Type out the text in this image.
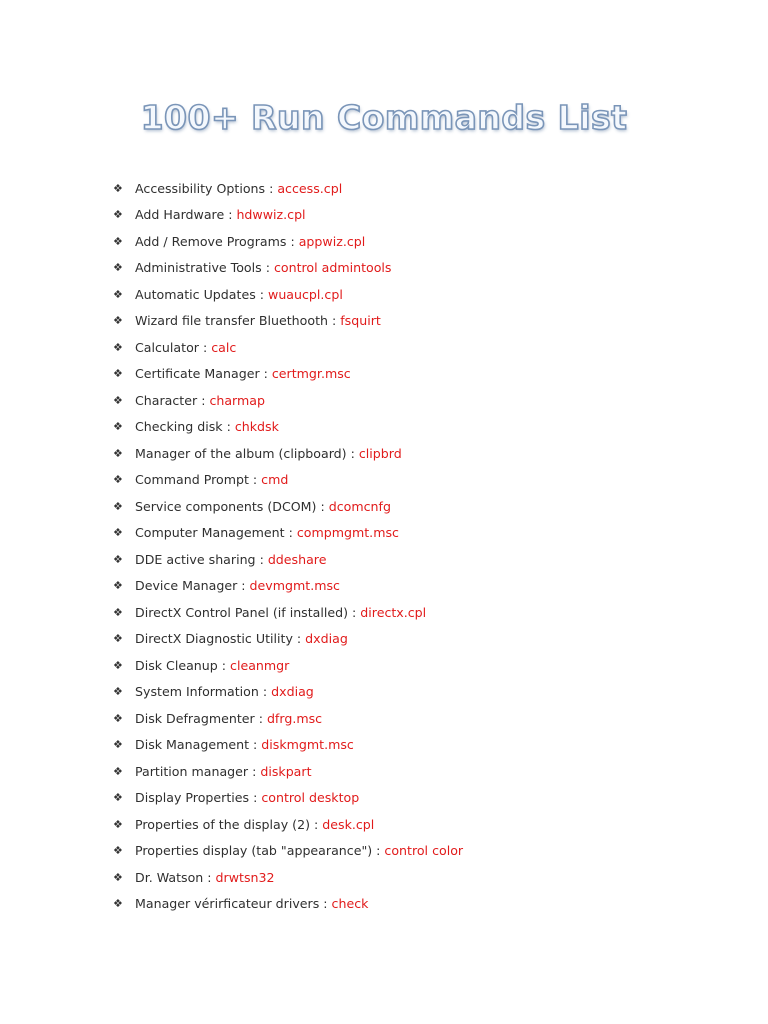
100+ Run Commands List
❖ Accessibility Options : access.cpl
❖ Add Hardware : hdwwiz.cpl
❖ Add / Remove Programs : appwiz.cpl
❖ Administrative Tools : control admintools
❖ Automatic Updates : wuaucpl.cpl
❖ Wizard file transfer Bluethooth : fsquirt
❖ Calculator : calc
❖ Certificate Manager : certmgr.msc
❖ Character : charmap
❖ Checking disk : chkdsk
❖ Manager of the album (clipboard) : clipbrd
❖ Command Prompt : cmd
❖ Service components (DCOM) : dcomcnfg
❖ Computer Management : compmgmt.msc
❖ DDE active sharing : ddeshare
❖ Device Manager : devmgmt.msc
❖ DirectX Control Panel (if installed) : directx.cpl
❖ DirectX Diagnostic Utility : dxdiag
❖ Disk Cleanup : cleanmgr
❖ System Information : dxdiag
❖ Disk Defragmenter : dfrg.msc
❖ Disk Management : diskmgmt.msc
❖ Partition manager : diskpart
❖ Display Properties : control desktop
❖ Properties of the display (2) : desk.cpl
❖ Properties display (tab "appearance") : control color
❖ Dr. Watson : drwtsn32
❖ Manager vérirficateur drivers : check
